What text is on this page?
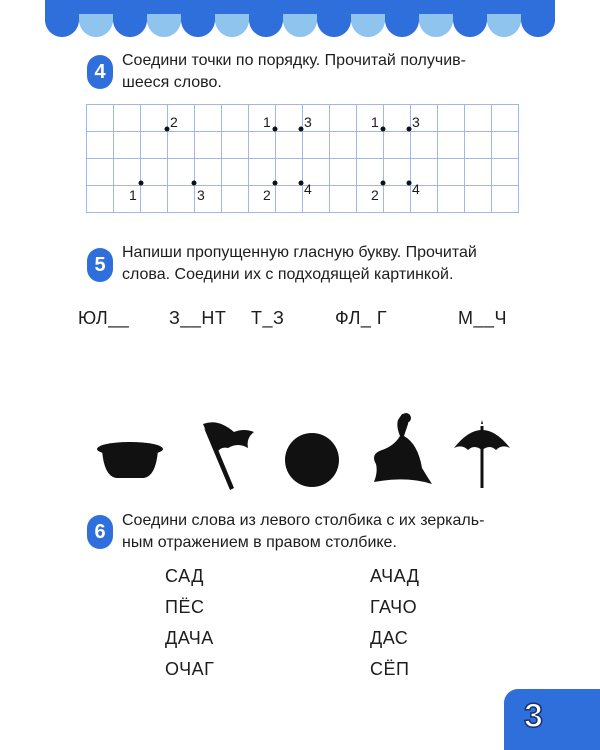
4	Соедини точки по порядку. Прочитай получив-
шееся слово.
1
2
3
1
2
3
4
1
2
3
4
5
Напиши пропущенную гласную букву. Прочитай
слова. Соедини их с подходящей картинкой.
ЮЛ__ З__НТ Т_З	ФЛ_ Г	М__Ч
6	Соедини слова из левого столбика с их зеркаль-
ным отражением в правом столбике.
САД
ПЁС
ДАЧА
ОЧАГ
АЧАД
ГАЧО
ДАС
СЁП
3
